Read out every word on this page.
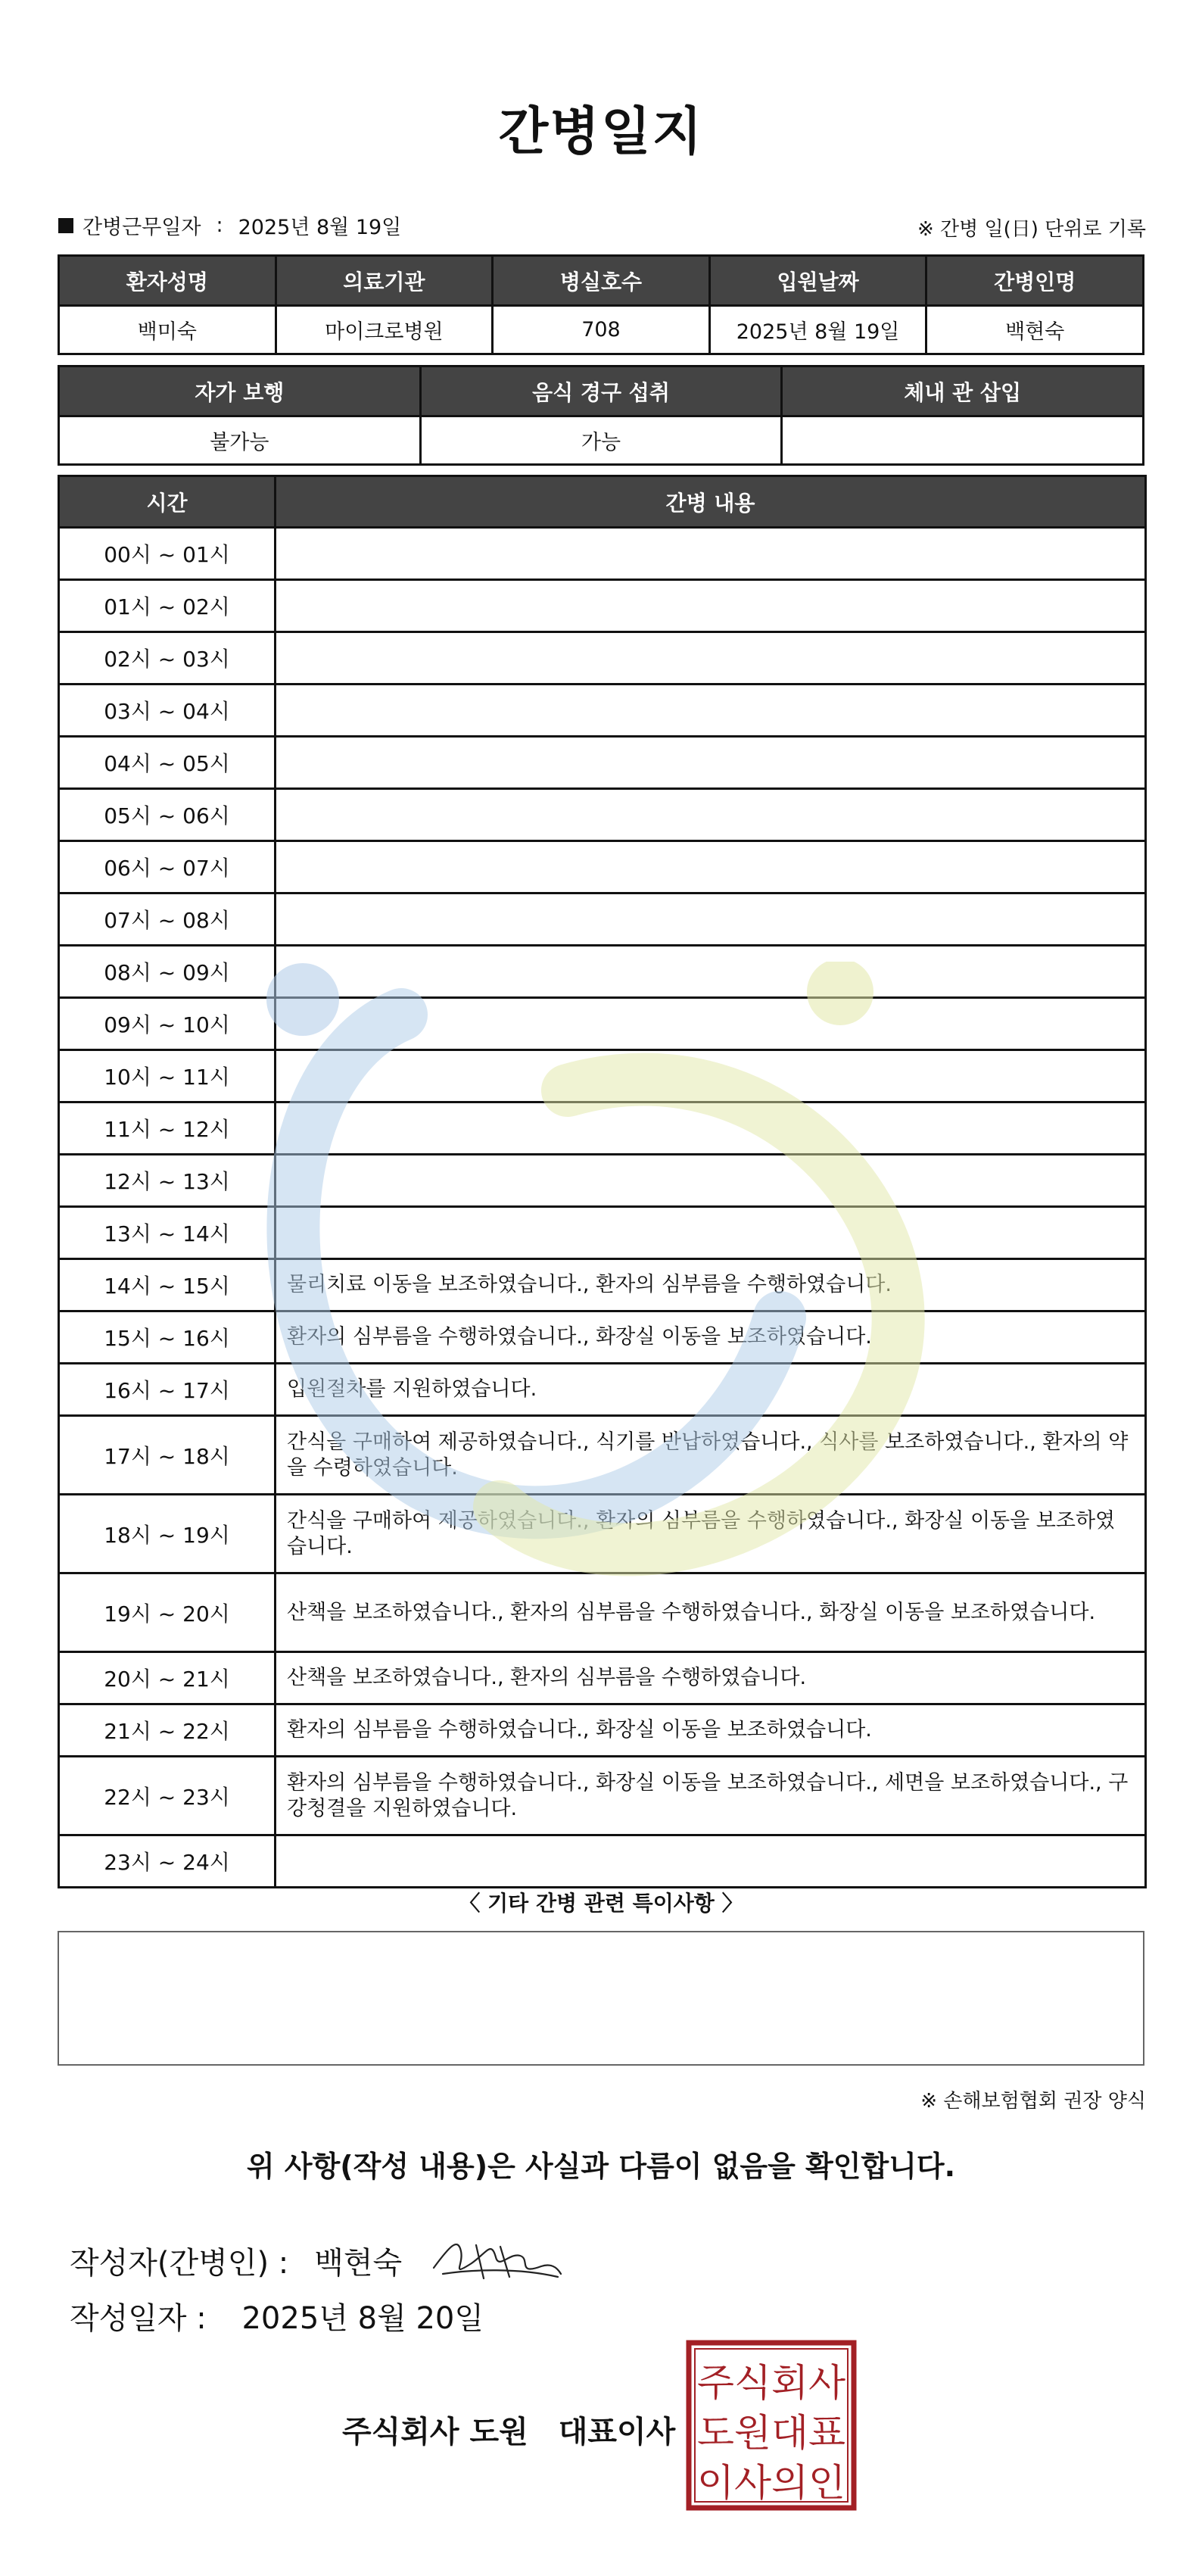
간병일지
간병근무일자 : 2025년 8월 19일	※ 간병 일(日) 단위로 기록
환자성명	의료기관	병실호수	입원날짜	간병인명
백미숙	마이크로병원	708	2025년 8월 19일	백현숙
자가 보행	음식 경구 섭취	체내 관 삽입
불가능	가능	
시간	간병 내용
00시 ~ 01시	
01시 ~ 02시	
02시 ~ 03시	
03시 ~ 04시	
04시 ~ 05시	
05시 ~ 06시	
06시 ~ 07시	
07시 ~ 08시	
08시 ~ 09시	
09시 ~ 10시	
10시 ~ 11시	
11시 ~ 12시	
12시 ~ 13시	
13시 ~ 14시	
14시 ~ 15시	물리치료 이동을 보조하였습니다., 환자의 심부름을 수행하였습니다.
15시 ~ 16시	환자의 심부름을 수행하였습니다., 화장실 이동을 보조하였습니다.
16시 ~ 17시	입원절차를 지원하였습니다.
17시 ~ 18시	간식을 구매하여 제공하였습니다., 식기를 반납하였습니다., 식사를 보조하였습니다., 환자의 약을 수령하였습니다.
18시 ~ 19시	간식을 구매하여 제공하였습니다., 환자의 심부름을 수행하였습니다., 화장실 이동을 보조하였습니다.
19시 ~ 20시	산책을 보조하였습니다., 환자의 심부름을 수행하였습니다., 화장실 이동을 보조하였습니다.
20시 ~ 21시	산책을 보조하였습니다., 환자의 심부름을 수행하였습니다.
21시 ~ 22시	환자의 심부름을 수행하였습니다., 화장실 이동을 보조하였습니다.
22시 ~ 23시	환자의 심부름을 수행하였습니다., 화장실 이동을 보조하였습니다., 세면을 보조하였습니다., 구강청결을 지원하였습니다.
23시 ~ 24시	
〈 기타 간병 관련 특이사항 〉
※ 손해보험협회 권장 양식
위 사항(작성 내용)은 사실과 다름이 없음을 확인합니다.
작성자(간병인) : 백현숙
작성일자 : 2025년 8월 20일
주식회사 도원 대표이사
주식회사
도원대표
이사의인
